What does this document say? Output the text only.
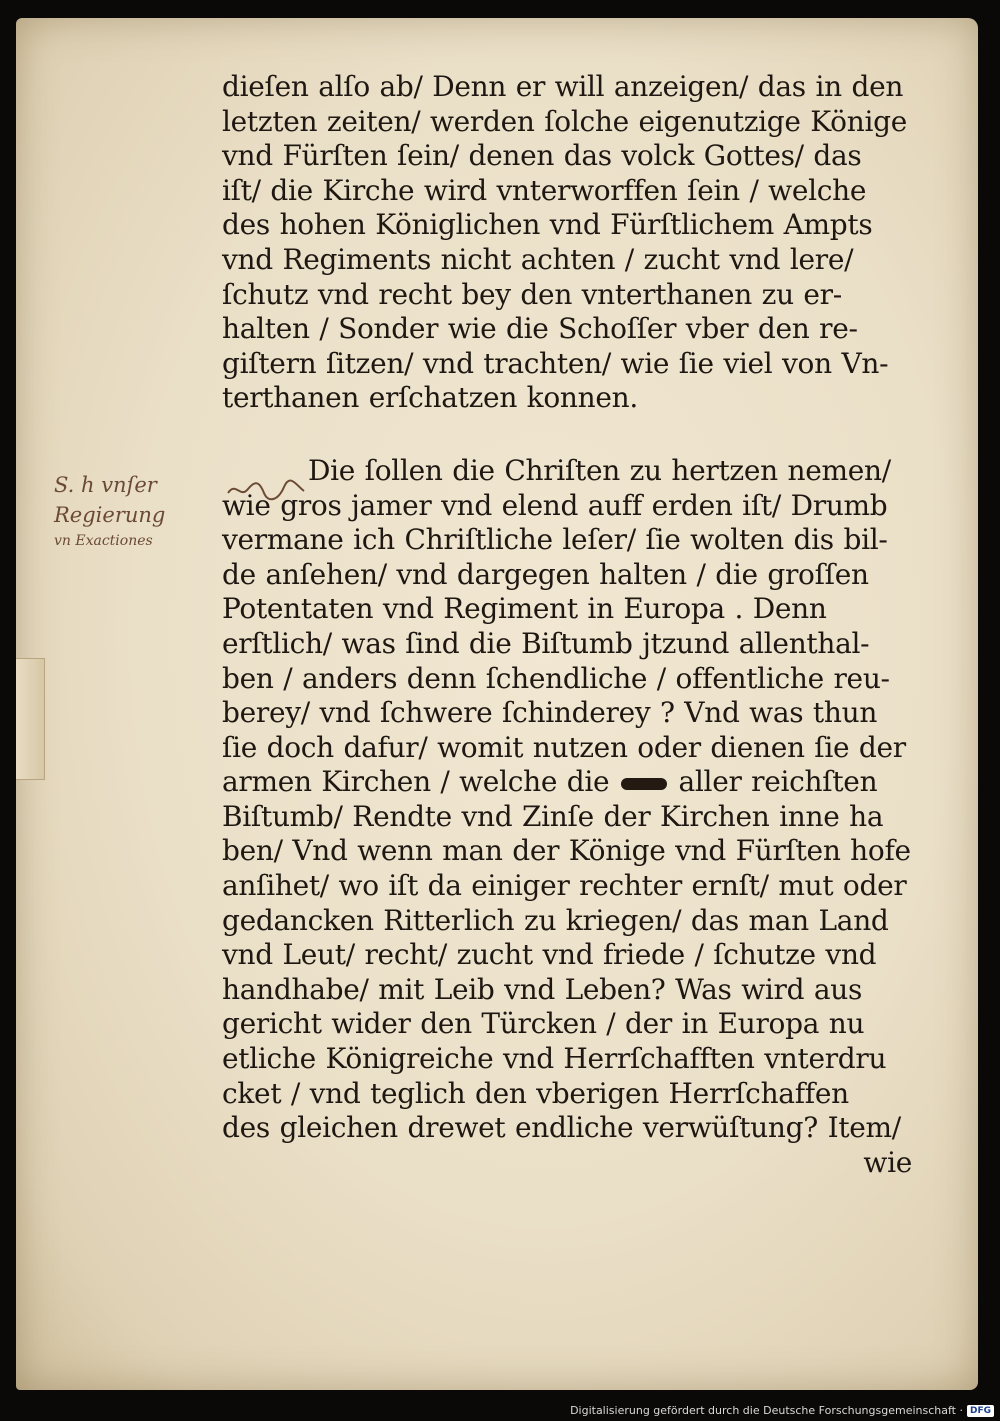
S. h vnſer
Regierung
vn Exactiones
dieſen alſo ab/ Denn er will anzeigen/ das in den
letzten zeiten/ werden ſolche eigenutzige Könige
vnd Fürſten ſein/ denen das volck Gottes/ das
iſt/ die Kirche wird vnterworffen ſein / welche
des hohen Königlichen vnd Fürſtlichem Ampts
vnd Regiments nicht achten / zucht vnd lere/
ſchutz vnd recht bey den vnterthanen zu er-
halten / Sonder wie die Schoſſer vber den re-
giſtern ſitzen/ vnd trachten/ wie ſie viel von Vn-
terthanen erſchatzen konnen.
Die ſollen die Chriſten zu hertzen nemen/
wie gros jamer vnd elend auff erden iſt/ Drumb
vermane ich Chriſtliche leſer/ ſie wolten dis bil-
de anſehen/ vnd dargegen halten / die groſſen
Potentaten vnd Regiment in Europa . Denn
erſtlich/ was ſind die Biſtumb jtzund allenthal-
ben / anders denn ſchendliche / offentliche reu-
berey/ vnd ſchwere ſchinderey ? Vnd was thun
ſie doch dafur/ womit nutzen oder dienen ſie der
armen Kirchen / welche die aller reichſten
Biſtumb/ Rendte vnd Zinſe der Kirchen inne ha
ben/ Vnd wenn man der Könige vnd Fürſten hofe
anſihet/ wo iſt da einiger rechter ernſt/ mut oder
gedancken Ritterlich zu kriegen/ das man Land
vnd Leut/ recht/ zucht vnd friede / ſchutze vnd
handhabe/ mit Leib vnd Leben? Was wird aus
gericht wider den Türcken / der in Europa nu
etliche Königreiche vnd Herrſchafften vnterdru
cket / vnd teglich den vberigen Herrſchaffen
des gleichen drewet endliche verwüſtung? Item/
wie
Digitalisierung gefördert durch die Deutsche Forschungsgemeinschaft · DFG
